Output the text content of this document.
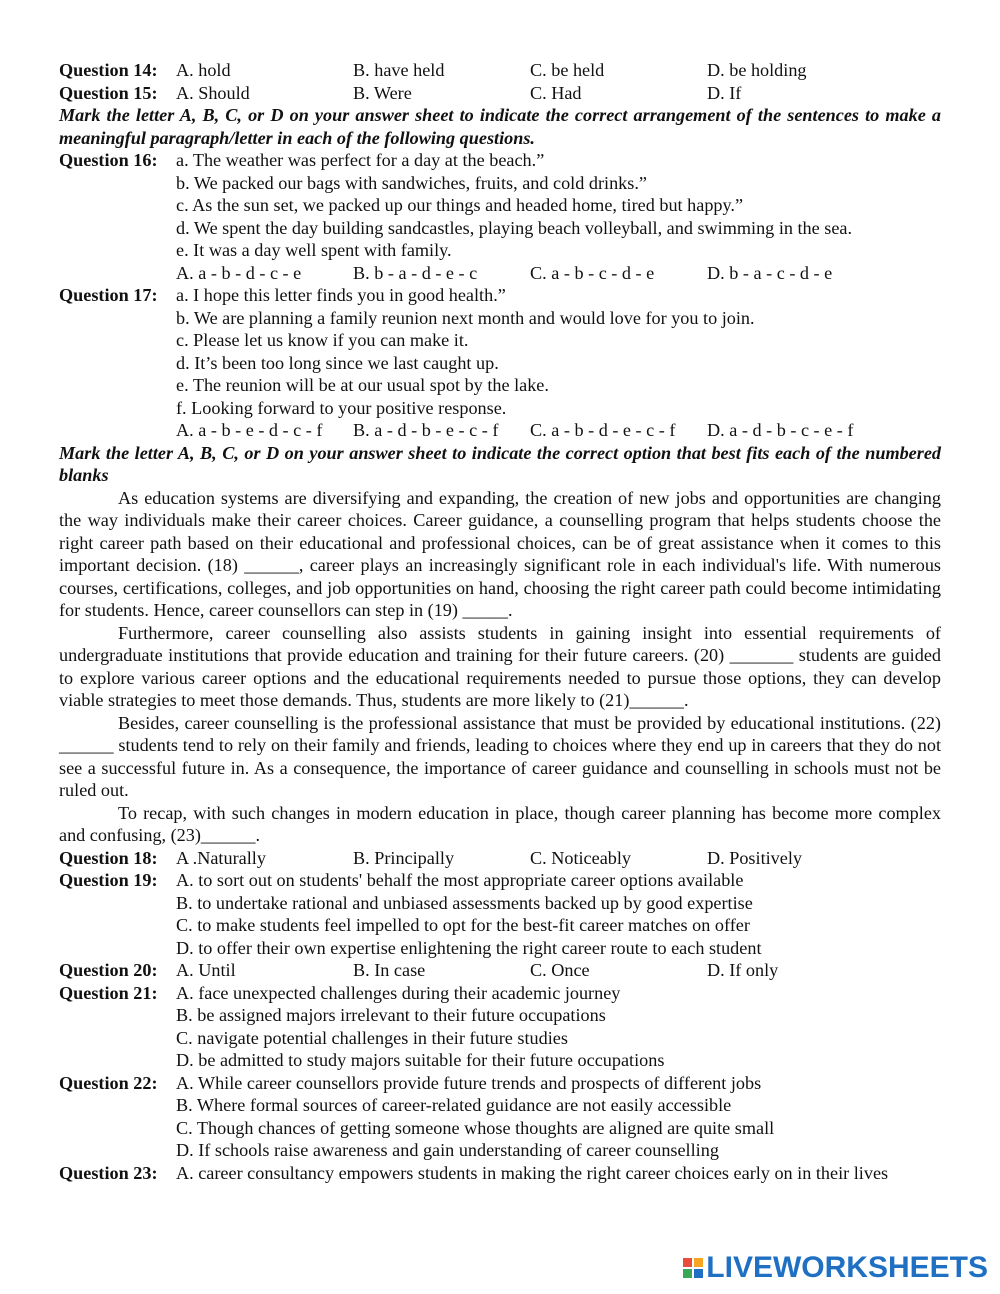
Question 14:	A. hold	B. have held	C. be held	D. be holding
Question 15:	A. Should	B. Were	C. Had	D. If
Mark the letter A, B, C, or D on your answer sheet to indicate the correct arrangement of the sentences to make a meaningful paragraph/letter in each of the following questions.
Question 16:	a. The weather was perfect for a day at the beach.”
b. We packed our bags with sandwiches, fruits, and cold drinks.”
c. As the sun set, we packed up our things and headed home, tired but happy.”
d. We spent the day building sandcastles, playing beach volleyball, and swimming in the sea.
e. It was a day well spent with family.
A. a - b - d - c - e	B. b - a - d - e - c	C. a - b - c - d - e	D. b - a - c - d - e
Question 17:	a. I hope this letter finds you in good health.”
b. We are planning a family reunion next month and would love for you to join.
c. Please let us know if you can make it.
d. It’s been too long since we last caught up.
e. The reunion will be at our usual spot by the lake.
f. Looking forward to your positive response.
A. a - b - e - d - c - f	B. a - d - b - e - c - f	C. a - b - d - e - c - f	D. a - d - b - c - e - f
Mark the letter A, B, C, or D on your answer sheet to indicate the correct option that best fits each of the numbered blanks
As education systems are diversifying and expanding, the creation of new jobs and opportunities are changing the way individuals make their career choices. Career guidance, a counselling program that helps students choose the right career path based on their educational and professional choices, can be of great assistance when it comes to this important decision. (18) ______, career plays an increasingly significant role in each individual's life. With numerous courses, certifications, colleges, and job opportunities on hand, choosing the right career path could become intimidating for students. Hence, career counsellors can step in (19) _____.
Furthermore, career counselling also assists students in gaining insight into essential requirements of undergraduate institutions that provide education and training for their future careers. (20) _______ students are guided to explore various career options and the educational requirements needed to pursue those options, they can develop viable strategies to meet those demands. Thus, students are more likely to (21)______.
Besides, career counselling is the professional assistance that must be provided by educational institutions. (22) ______ students tend to rely on their family and friends, leading to choices where they end up in careers that they do not see a successful future in. As a consequence, the importance of career guidance and counselling in schools must not be ruled out.
To recap, with such changes in modern education in place, though career planning has become more complex and confusing, (23)______.
Question 18:	A .Naturally	B. Principally	C. Noticeably	D. Positively
Question 19:	A. to sort out on students' behalf the most appropriate career options available
B. to undertake rational and unbiased assessments backed up by good expertise
C. to make students feel impelled to opt for the best-fit career matches on offer
D. to offer their own expertise enlightening the right career route to each student
Question 20:	A. Until	B. In case	C. Once	D. If only
Question 21:	A. face unexpected challenges during their academic journey
B. be assigned majors irrelevant to their future occupations
C. navigate potential challenges in their future studies
D. be admitted to study majors suitable for their future occupations
Question 22:	A. While career counsellors provide future trends and prospects of different jobs
B. Where formal sources of career-related guidance are not easily accessible
C. Though chances of getting someone whose thoughts are aligned are quite small
D. If schools raise awareness and gain understanding of career counselling
Question 23:	A. career consultancy empowers students in making the right career choices early on in their lives
LIVEWORKSHEETS
